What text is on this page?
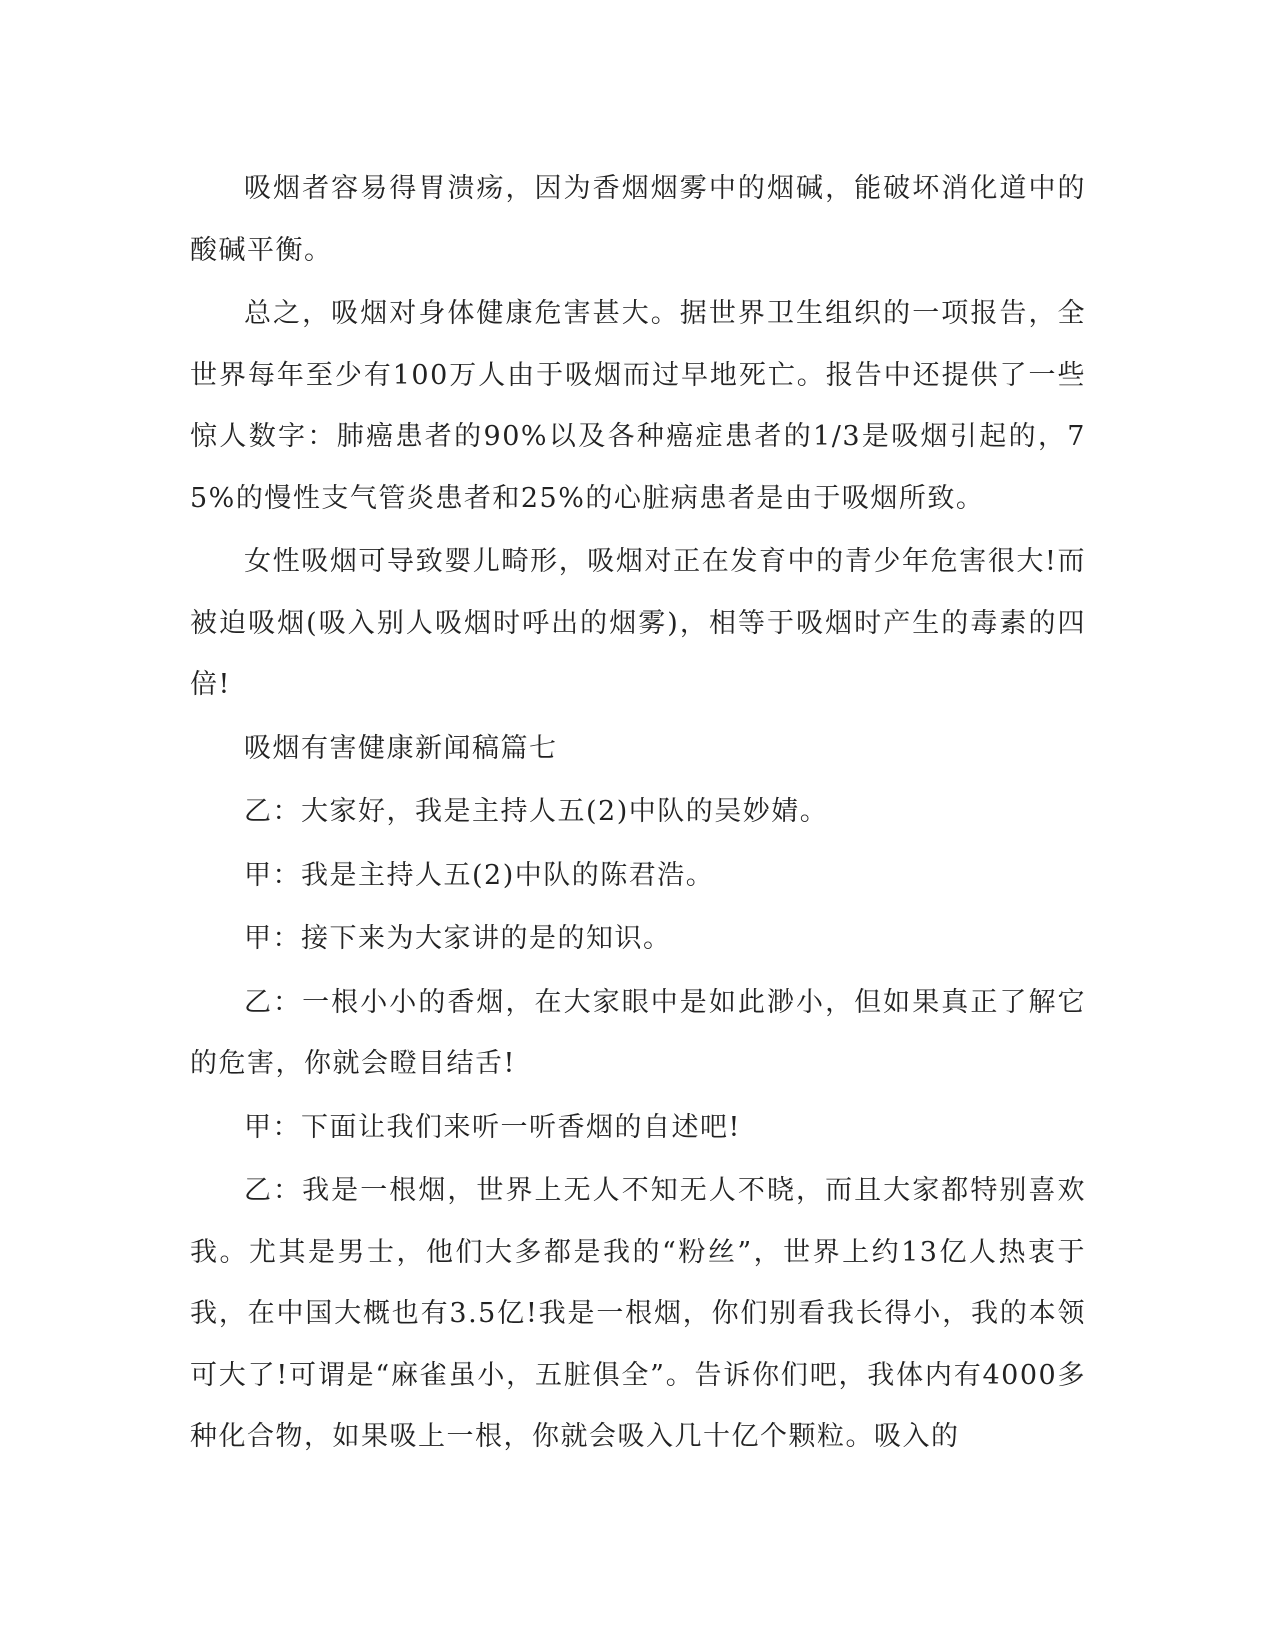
吸烟者容易得胃溃疡，因为香烟烟雾中的烟碱，能破坏消化道中的酸碱平衡。

总之，吸烟对身体健康危害甚大。据世界卫生组织的一项报告，全世界每年至少有100万人由于吸烟而过早地死亡。报告中还提供了一些惊人数字：肺癌患者的90%以及各种癌症患者的1/3是吸烟引起的，75%的慢性支气管炎患者和25%的心脏病患者是由于吸烟所致。

女性吸烟可导致婴儿畸形，吸烟对正在发育中的青少年危害很大!而被迫吸烟(吸入别人吸烟时呼出的烟雾)，相等于吸烟时产生的毒素的四倍!

吸烟有害健康新闻稿篇七

乙：大家好，我是主持人五(2)中队的吴妙婧。

甲：我是主持人五(2)中队的陈君浩。

甲：接下来为大家讲的是的知识。

乙：一根小小的香烟，在大家眼中是如此渺小，但如果真正了解它的危害，你就会瞪目结舌!

甲：下面让我们来听一听香烟的自述吧!

乙：我是一根烟，世界上无人不知无人不晓，而且大家都特别喜欢我。尤其是男士，他们大多都是我的“粉丝”，世界上约13亿人热衷于我，在中国大概也有3.5亿!我是一根烟，你们别看我长得小，我的本领可大了!可谓是“麻雀虽小，五脏俱全”。告诉你们吧，我体内有4000多种化合物，如果吸上一根，你就会吸入几十亿个颗粒。吸入的
